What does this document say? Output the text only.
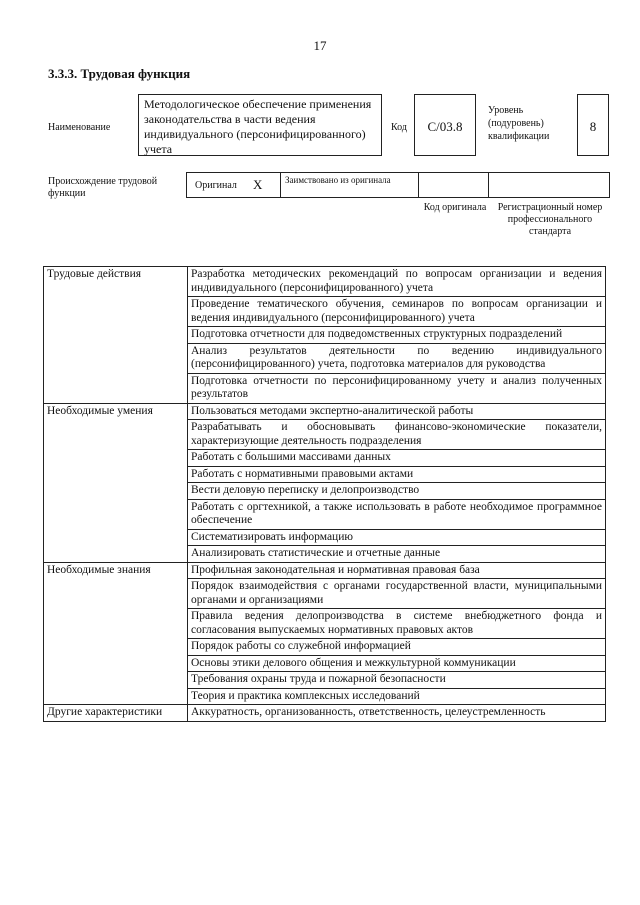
17
3.3.3. Трудовая функция
Наименование
Методологическое обеспечение применения законодательства в части ведения индивидуального (персонифицированного) учета
Код	C/03.8
Уровень (подуровень) квалификации
8
Происхождение трудовой функции
Оригинал X	Заимствовано из оригинала
Код оригинала	Регистрационный номер профессионального стандарта
Трудовые действия	Разработка методических рекомендаций по вопросам организации и ведения индивидуального (персонифицированного) учета
	Проведение тематического обучения, семинаров по вопросам организации и ведения индивидуального (персонифицированного) учета
	Подготовка отчетности для подведомственных структурных подразделений
	Анализ результатов деятельности по ведению индивидуального (персонифицированного) учета, подготовка материалов для руководства
	Подготовка отчетности по персонифицированному учету и анализ полученных результатов
Необходимые умения	Пользоваться методами экспертно-аналитической работы
	Разрабатывать и обосновывать финансово-экономические показатели, характеризующие деятельность подразделения
	Работать с большими массивами данных
	Работать с нормативными правовыми актами
	Вести деловую переписку и делопроизводство
	Работать с оргтехникой, а также использовать в работе необходимое программное обеспечение
	Систематизировать информацию
	Анализировать статистические и отчетные данные
Необходимые знания	Профильная законодательная и нормативная правовая база
	Порядок взаимодействия с органами государственной власти, муниципальными органами и организациями
	Правила ведения делопроизводства в системе внебюджетного фонда и согласования выпускаемых нормативных правовых актов
	Порядок работы со служебной информацией
	Основы этики делового общения и межкультурной коммуникации
	Требования охраны труда и пожарной безопасности
	Теория и практика комплексных исследований
Другие характеристики	Аккуратность, организованность, ответственность, целеустремленность
